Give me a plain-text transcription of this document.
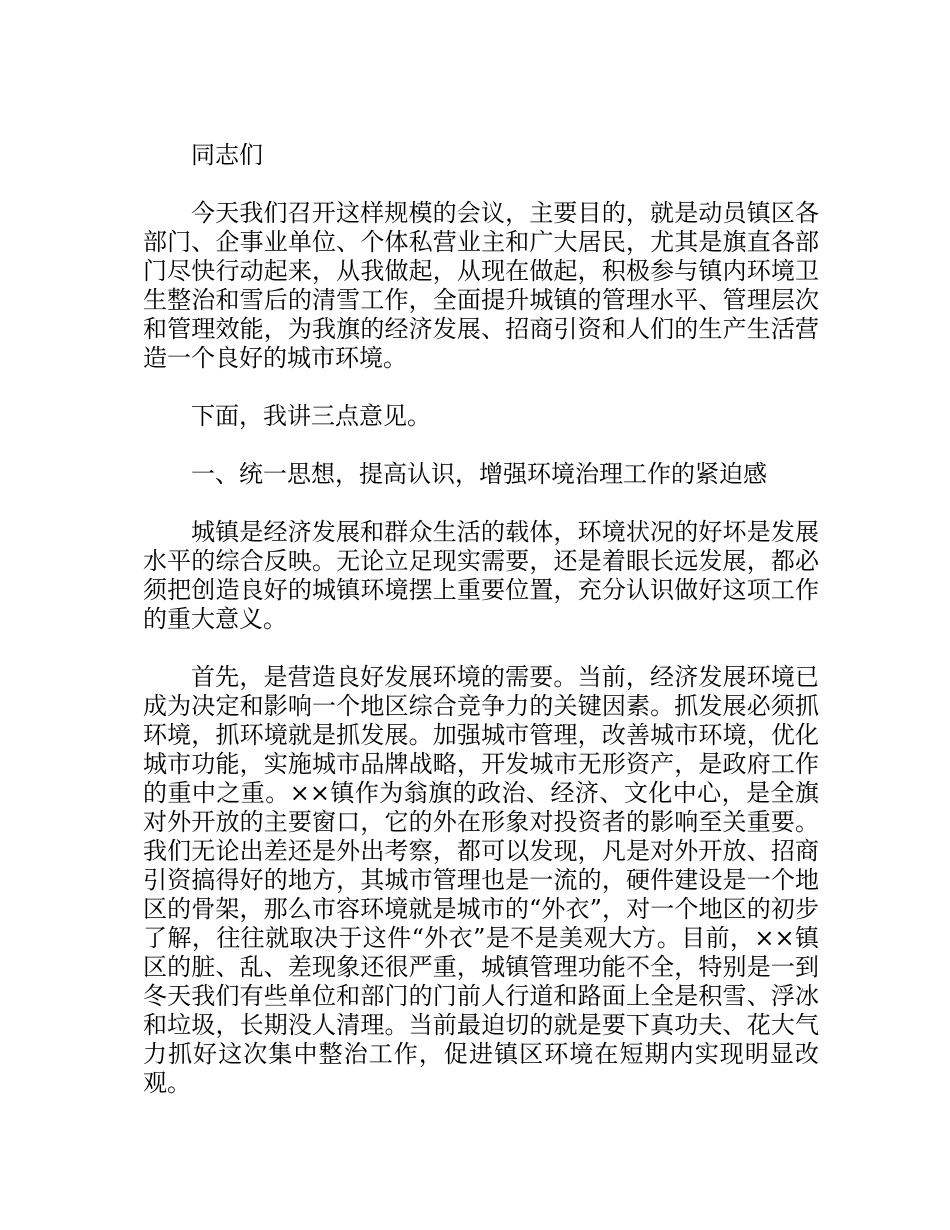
同志们

今天我们召开这样规模的会议，主要目的，就是动员镇区各部门、企事业单位、个体私营业主和广大居民，尤其是旗直各部门尽快行动起来，从我做起，从现在做起，积极参与镇内环境卫生整治和雪后的清雪工作，全面提升城镇的管理水平、管理层次和管理效能，为我旗的经济发展、招商引资和人们的生产生活营造一个良好的城市环境。

下面，我讲三点意见。

一、统一思想，提高认识，增强环境治理工作的紧迫感

城镇是经济发展和群众生活的载体，环境状况的好坏是发展水平的综合反映。无论立足现实需要，还是着眼长远发展，都必须把创造良好的城镇环境摆上重要位置，充分认识做好这项工作的重大意义。

首先，是营造良好发展环境的需要。当前，经济发展环境已成为决定和影响一个地区综合竞争力的关键因素。抓发展必须抓环境，抓环境就是抓发展。加强城市管理，改善城市环境，优化城市功能，实施城市品牌战略，开发城市无形资产，是政府工作的重中之重。××镇作为翁旗的政治、经济、文化中心，是全旗对外开放的主要窗口，它的外在形象对投资者的影响至关重要。我们无论出差还是外出考察，都可以发现，凡是对外开放、招商引资搞得好的地方，其城市管理也是一流的，硬件建设是一个地区的骨架，那么市容环境就是城市的“外衣”，对一个地区的初步了解，往往就取决于这件“外衣”是不是美观大方。目前，××镇区的脏、乱、差现象还很严重，城镇管理功能不全，特别是一到冬天我们有些单位和部门的门前人行道和路面上全是积雪、浮冰和垃圾，长期没人清理。当前最迫切的就是要下真功夫、花大气力抓好这次集中整治工作，促进镇区环境在短期内实现明显改观。
